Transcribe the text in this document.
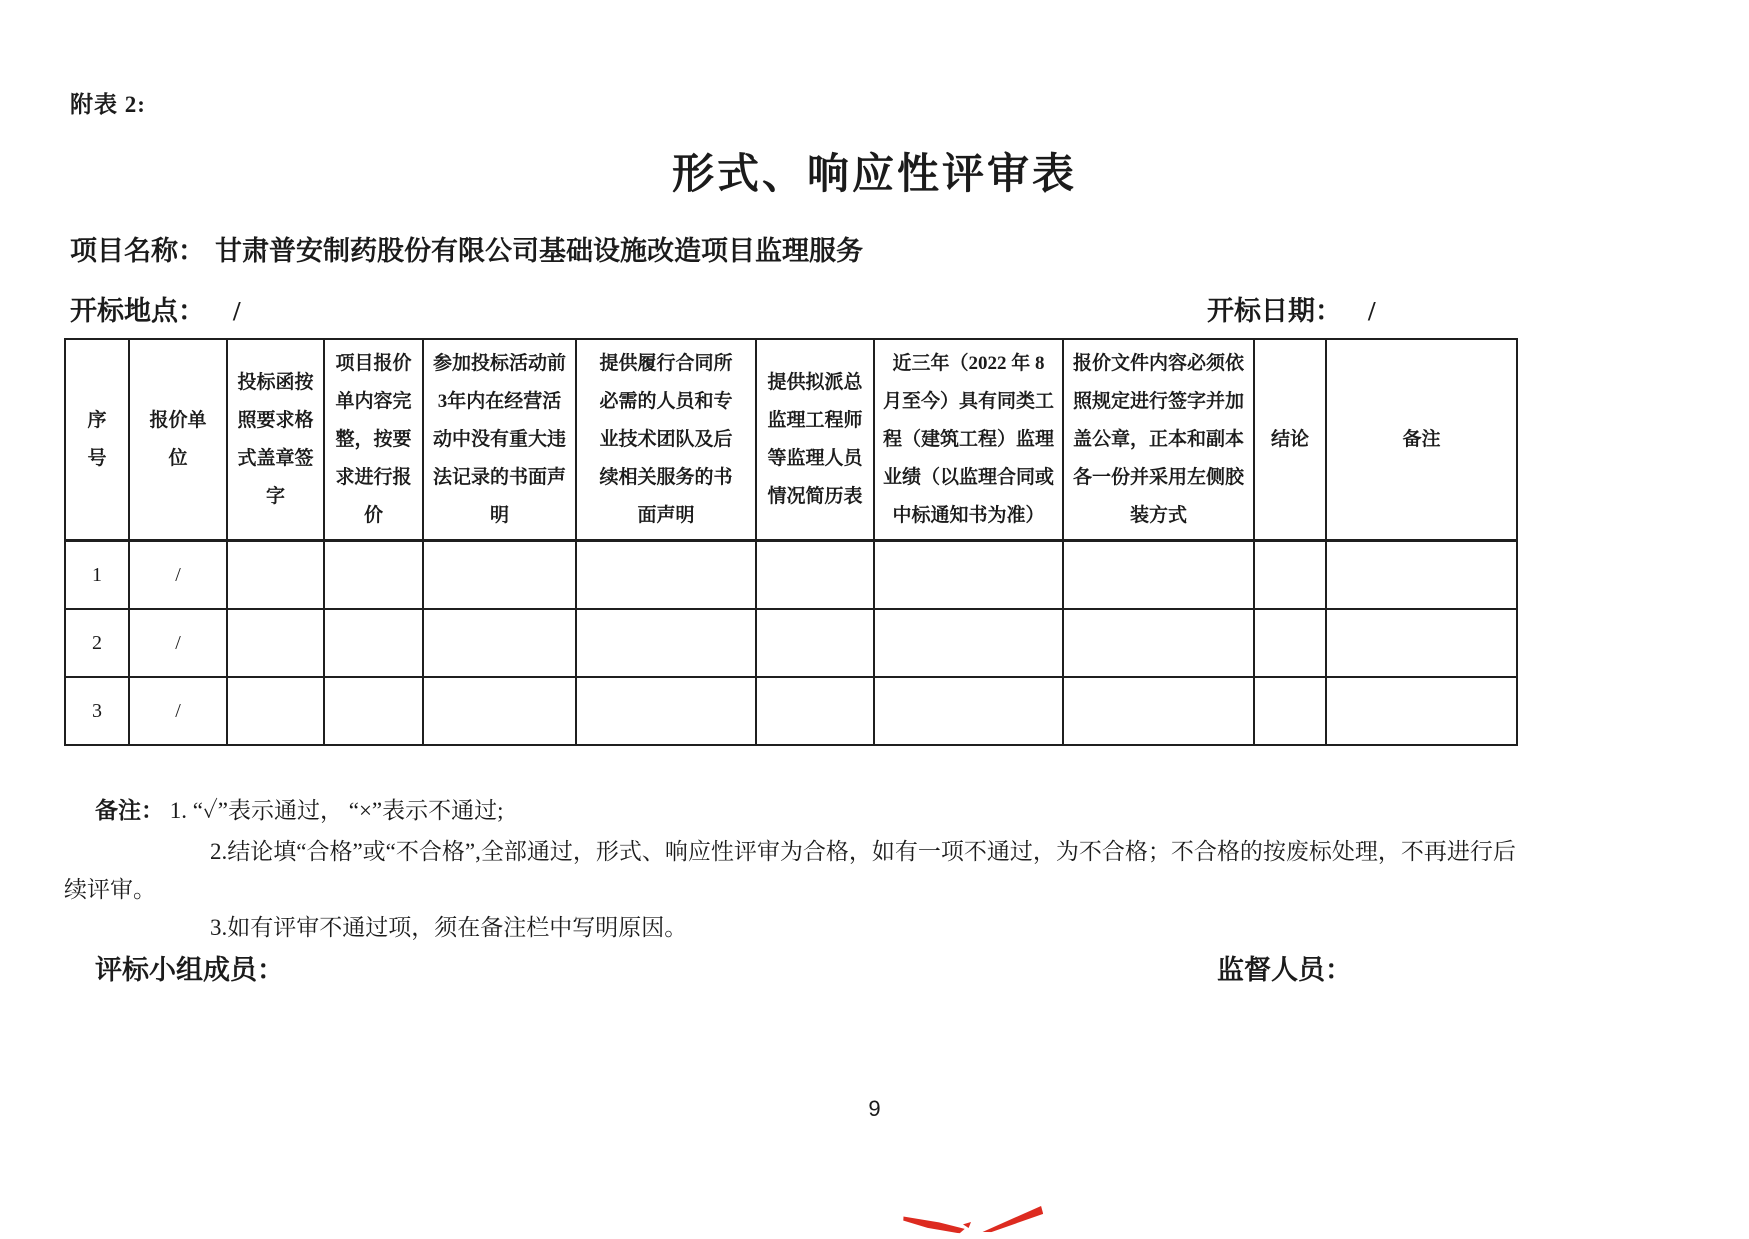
附表 2:
形式、响应性评审表
项目名称： 甘肃普安制药股份有限公司基础设施改造项目监理服务
开标地点： /	开标日期： /
序号	报价单位	投标函按照要求格式盖章签字	项目报价单内容完整，按要求进行报价	参加投标活动前3年内在经营活动中没有重大违法记录的书面声明	提供履行合同所必需的人员和专业技术团队及后续相关服务的书面声明	提供拟派总监理工程师等监理人员情况简历表	近三年（2022 年 8 月至今）具有同类工程（建筑工程）监理业绩（以监理合同或中标通知书为准）	报价文件内容必须依照规定进行签字并加盖公章，正本和副本各一份并采用左侧胶装方式	结论	备注
1	/									
2	/									
3	/									
备注： 1. “✓”表示通过， “×”表示不通过;
2.结论填“合格”或“不合格”,全部通过，形式、响应性评审为合格，如有一项不通过，为不合格；不合格的按废标处理，不再进行后
续评审。
3.如有评审不通过项，须在备注栏中写明原因。
评标小组成员：	监督人员：
9
